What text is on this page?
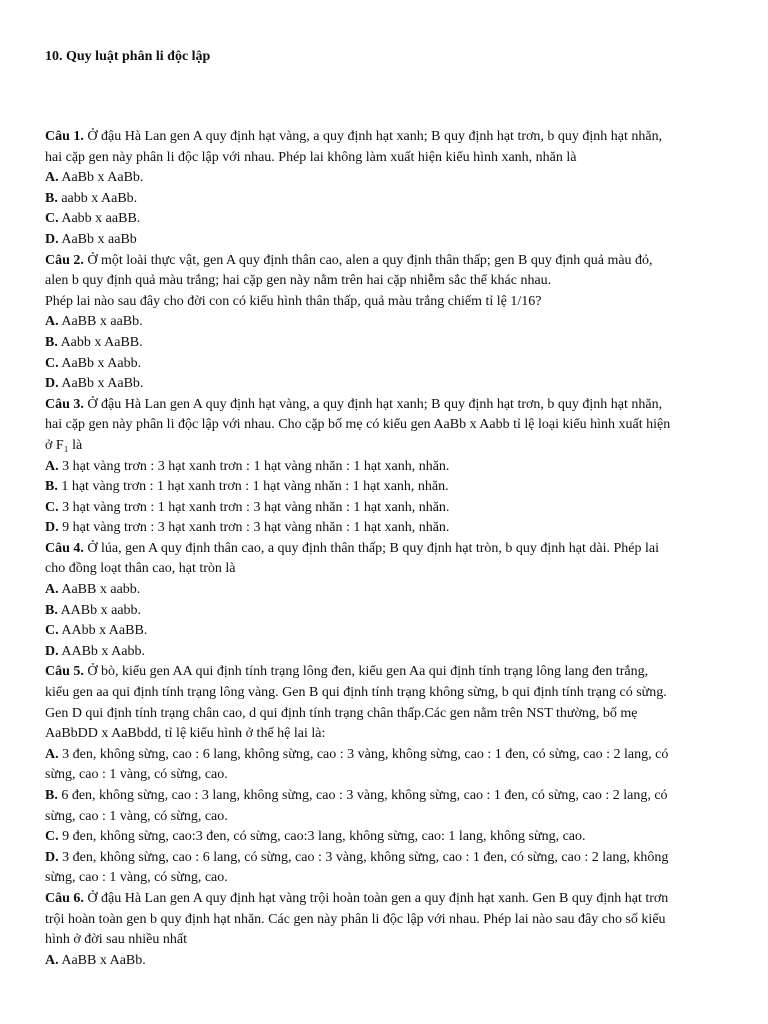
10. Quy luật phân li độc lập
Câu 1. Ở đậu Hà Lan gen A quy định hạt vàng, a quy định hạt xanh; B quy định hạt trơn, b quy định hạt nhăn,
hai cặp gen này phân li độc lập với nhau. Phép lai không làm xuất hiện kiểu hình xanh, nhăn là
A. AaBb x AaBb.
B. aabb x AaBb.
C. Aabb x aaBB.
D. AaBb x aaBb
Câu 2. Ở một loài thực vật, gen A quy định thân cao, alen a quy định thân thấp; gen B quy định quả màu đỏ,
alen b quy định quả màu trắng; hai cặp gen này nằm trên hai cặp nhiễm sắc thể khác nhau.
Phép lai nào sau đây cho đời con có kiểu hình thân thấp, quả màu trắng chiếm tỉ lệ 1/16?
A. AaBB x aaBb.
B. Aabb x AaBB.
C. AaBb x Aabb.
D. AaBb x AaBb.
Câu 3. Ở đậu Hà Lan gen A quy định hạt vàng, a quy định hạt xanh; B quy định hạt trơn, b quy định hạt nhăn,
hai cặp gen này phân li độc lập với nhau. Cho cặp bố mẹ có kiểu gen AaBb x Aabb tỉ lệ loại kiểu hình xuất hiện
ở F₁ là
A. 3 hạt vàng trơn : 3 hạt xanh trơn : 1 hạt vàng nhăn : 1 hạt xanh, nhăn.
B. 1 hạt vàng trơn : 1 hạt xanh trơn : 1 hạt vàng nhăn : 1 hạt xanh, nhăn.
C. 3 hạt vàng trơn : 1 hạt xanh trơn : 3 hạt vàng nhăn : 1 hạt xanh, nhăn.
D. 9 hạt vàng trơn : 3 hạt xanh trơn : 3 hạt vàng nhăn : 1 hạt xanh, nhăn.
Câu 4. Ở lúa, gen A quy định thân cao, a quy định thân thấp; B quy định hạt tròn, b quy định hạt dài. Phép lai
cho đồng loạt thân cao, hạt tròn là
A. AaBB x aabb.
B. AABb x aabb.
C. AAbb x AaBB.
D. AABb x Aabb.
Câu 5. Ở bò, kiểu gen AA qui định tính trạng lông đen, kiểu gen Aa qui định tính trạng lông lang đen trắng,
kiểu gen aa qui định tính trạng lông vàng. Gen B qui định tính trạng không sừng, b qui định tính trạng có sừng.
Gen D qui định tính trạng chân cao, d qui định tính trạng chân thấp.Các gen nằm trên NST thường, bố mẹ
AaBbDD x AaBbdd, tỉ lệ kiểu hình ở thế hệ lai là:
A. 3 đen, không sừng, cao : 6 lang, không sừng, cao : 3 vàng, không sừng, cao : 1 đen, có sừng, cao : 2 lang, có
sừng, cao : 1 vàng, có sừng, cao.
B. 6 đen, không sừng, cao : 3 lang, không sừng, cao : 3 vàng, không sừng, cao : 1 đen, có sừng, cao : 2 lang, có
sừng, cao : 1 vàng, có sừng, cao.
C. 9 đen, không sừng, cao:3 đen, có sừng, cao:3 lang, không sừng, cao: 1 lang, không sừng, cao.
D. 3 đen, không sừng, cao : 6 lang, có sừng, cao : 3 vàng, không sừng, cao : 1 đen, có sừng, cao : 2 lang, không
sừng, cao : 1 vàng, có sừng, cao.
Câu 6. Ở đậu Hà Lan gen A quy định hạt vàng trội hoàn toàn gen a quy định hạt xanh. Gen B quy định hạt trơn
trội hoàn toàn gen b quy định hạt nhăn. Các gen này phân li độc lập với nhau. Phép lai nào sau đây cho số kiểu
hình ở đời sau nhiều nhất
A. AaBB x AaBb.
